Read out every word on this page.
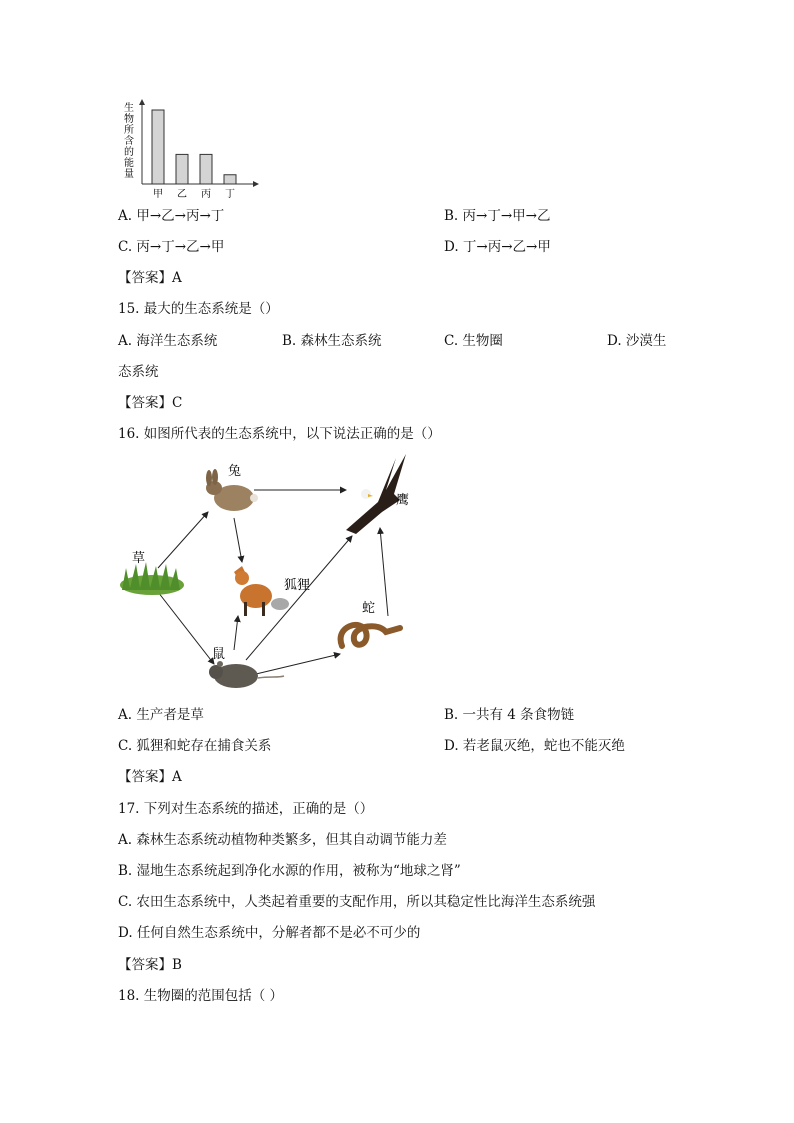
生
物
所
含
的
能
量
甲 乙 丙 丁
A. 甲→乙→丙→丁	B. 丙→丁→甲→乙
C. 丙→丁→乙→甲	D. 丁→丙→乙→甲
【答案】A
15. 最大的生态系统是（）
A. 海洋生态系统	B. 森林生态系统	C. 生物圈	D. 沙漠生
态系统
【答案】C
16. 如图所代表的生态系统中，以下说法正确的是（）
兔
鹰
草
狐狸
蛇
鼠
A. 生产者是草	B. 一共有 4 条食物链
C. 狐狸和蛇存在捕食关系	D. 若老鼠灭绝，蛇也不能灭绝
【答案】A
17. 下列对生态系统的描述，正确的是（）
A. 森林生态系统动植物种类繁多，但其自动调节能力差
B. 湿地生态系统起到净化水源的作用，被称为“地球之肾”
C. 农田生态系统中，人类起着重要的支配作用，所以其稳定性比海洋生态系统强
D. 任何自然生态系统中，分解者都不是必不可少的
【答案】B
18. 生物圈的范围包括（ ）
